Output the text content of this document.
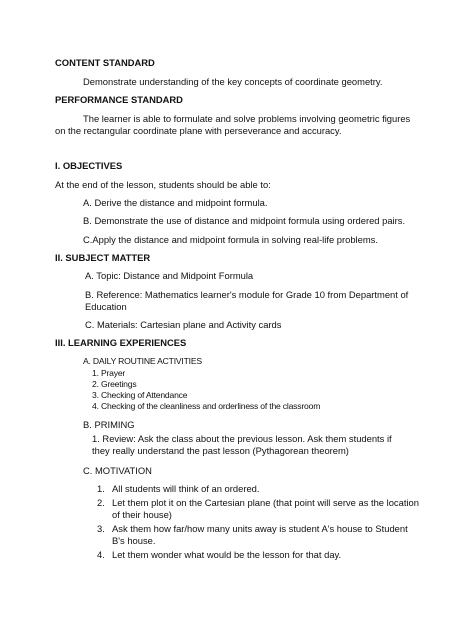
CONTENT STANDARD
Demonstrate understanding of the key concepts of coordinate geometry.
PERFORMANCE STANDARD
The learner is able to formulate and solve problems involving geometric figures
on the rectangular coordinate plane with perseverance and accuracy.
I. OBJECTIVES
At the end of the lesson, students should be able to:
A. Derive the distance and midpoint formula.
B. Demonstrate the use of distance and midpoint formula using ordered pairs.
C.Apply the distance and midpoint formula in solving real-life problems.
II. SUBJECT MATTER
A. Topic: Distance and Midpoint Formula
B. Reference: Mathematics learner's module for Grade 10 from Department of
Education
C. Materials: Cartesian plane and Activity cards
III. LEARNING EXPERIENCES
A. DAILY ROUTINE ACTIVITIES
1. Prayer
2. Greetings
3. Checking of Attendance
4. Checking of the cleanliness and orderliness of the classroom
B. PRIMING
1. Review: Ask the class about the previous lesson. Ask them students if
they really understand the past lesson (Pythagorean theorem)
C. MOTIVATION
1. All students will think of an ordered.
2. Let them plot it on the Cartesian plane (that point will serve as the location
of their house)
3. Ask them how far/how many units away is student A's house to Student
B's house.
4. Let them wonder what would be the lesson for that day.
